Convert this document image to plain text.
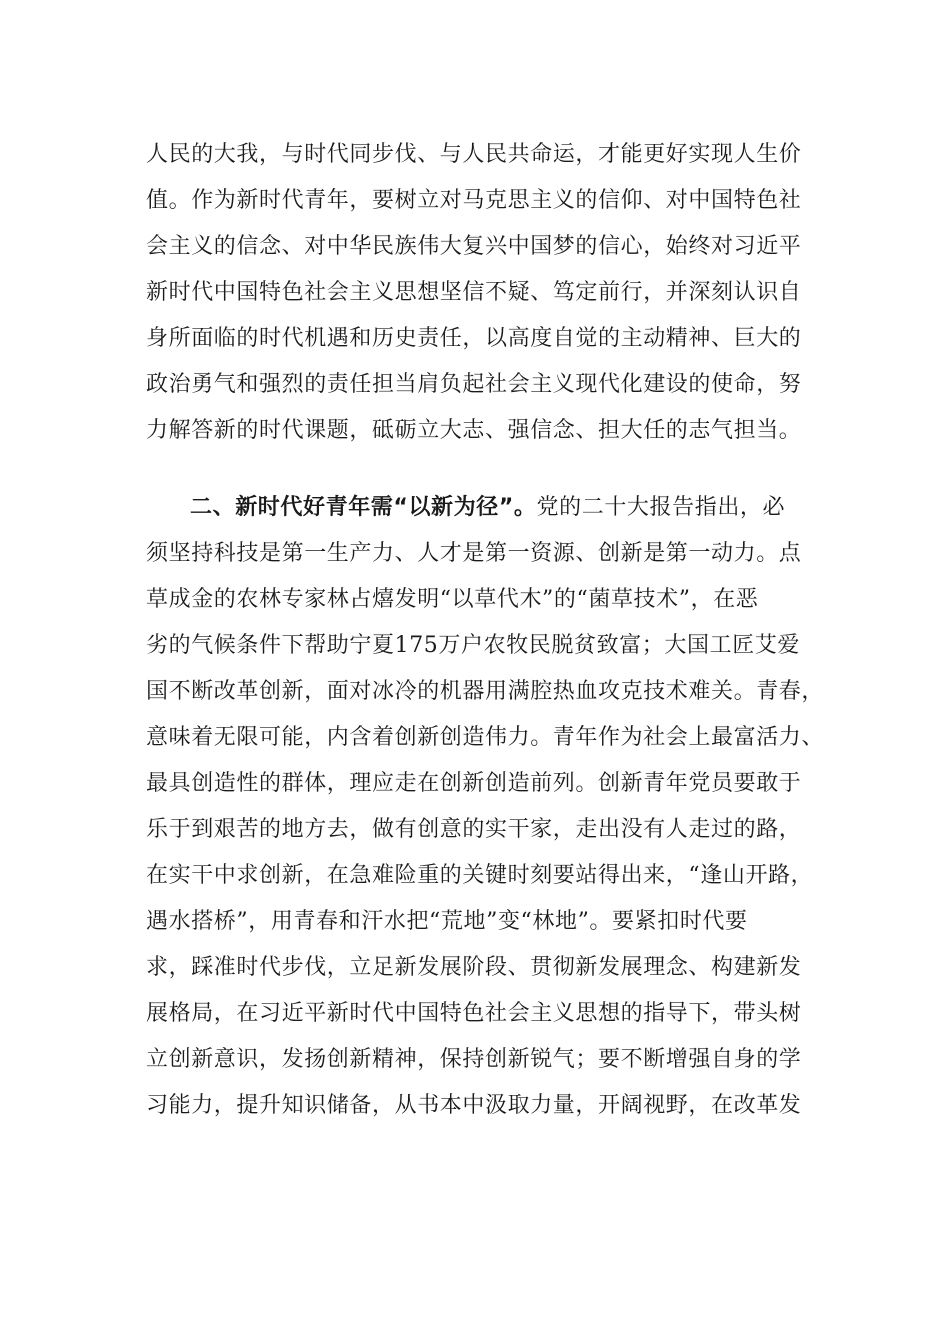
人民的大我，与时代同步伐、与人民共命运，才能更好实现人生价
值。作为新时代青年，要树立对马克思主义的信仰、对中国特色社
会主义的信念、对中华民族伟大复兴中国梦的信心，始终对习近平
新时代中国特色社会主义思想坚信不疑、笃定前行，并深刻认识自
身所面临的时代机遇和历史责任，以高度自觉的主动精神、巨大的
政治勇气和强烈的责任担当肩负起社会主义现代化建设的使命，努
力解答新的时代课题，砥砺立大志、强信念、担大任的志气担当。
二、新时代好青年需“以新为径”。党的二十大报告指出，必
须坚持科技是第一生产力、人才是第一资源、创新是第一动力。点
草成金的农林专家林占熺发明“以草代木”的“菌草技术”，在恶
劣的气候条件下帮助宁夏175万户农牧民脱贫致富；大国工匠艾爱
国不断改革创新，面对冰冷的机器用满腔热血攻克技术难关。青春，
意味着无限可能，内含着创新创造伟力。青年作为社会上最富活力、
最具创造性的群体，理应走在创新创造前列。创新青年党员要敢于
乐于到艰苦的地方去，做有创意的实干家，走出没有人走过的路，
在实干中求创新，在急难险重的关键时刻要站得出来，“逢山开路，
遇水搭桥”，用青春和汗水把“荒地”变“林地”。要紧扣时代要
求，踩准时代步伐，立足新发展阶段、贯彻新发展理念、构建新发
展格局，在习近平新时代中国特色社会主义思想的指导下，带头树
立创新意识，发扬创新精神，保持创新锐气；要不断增强自身的学
习能力，提升知识储备，从书本中汲取力量，开阔视野，在改革发
